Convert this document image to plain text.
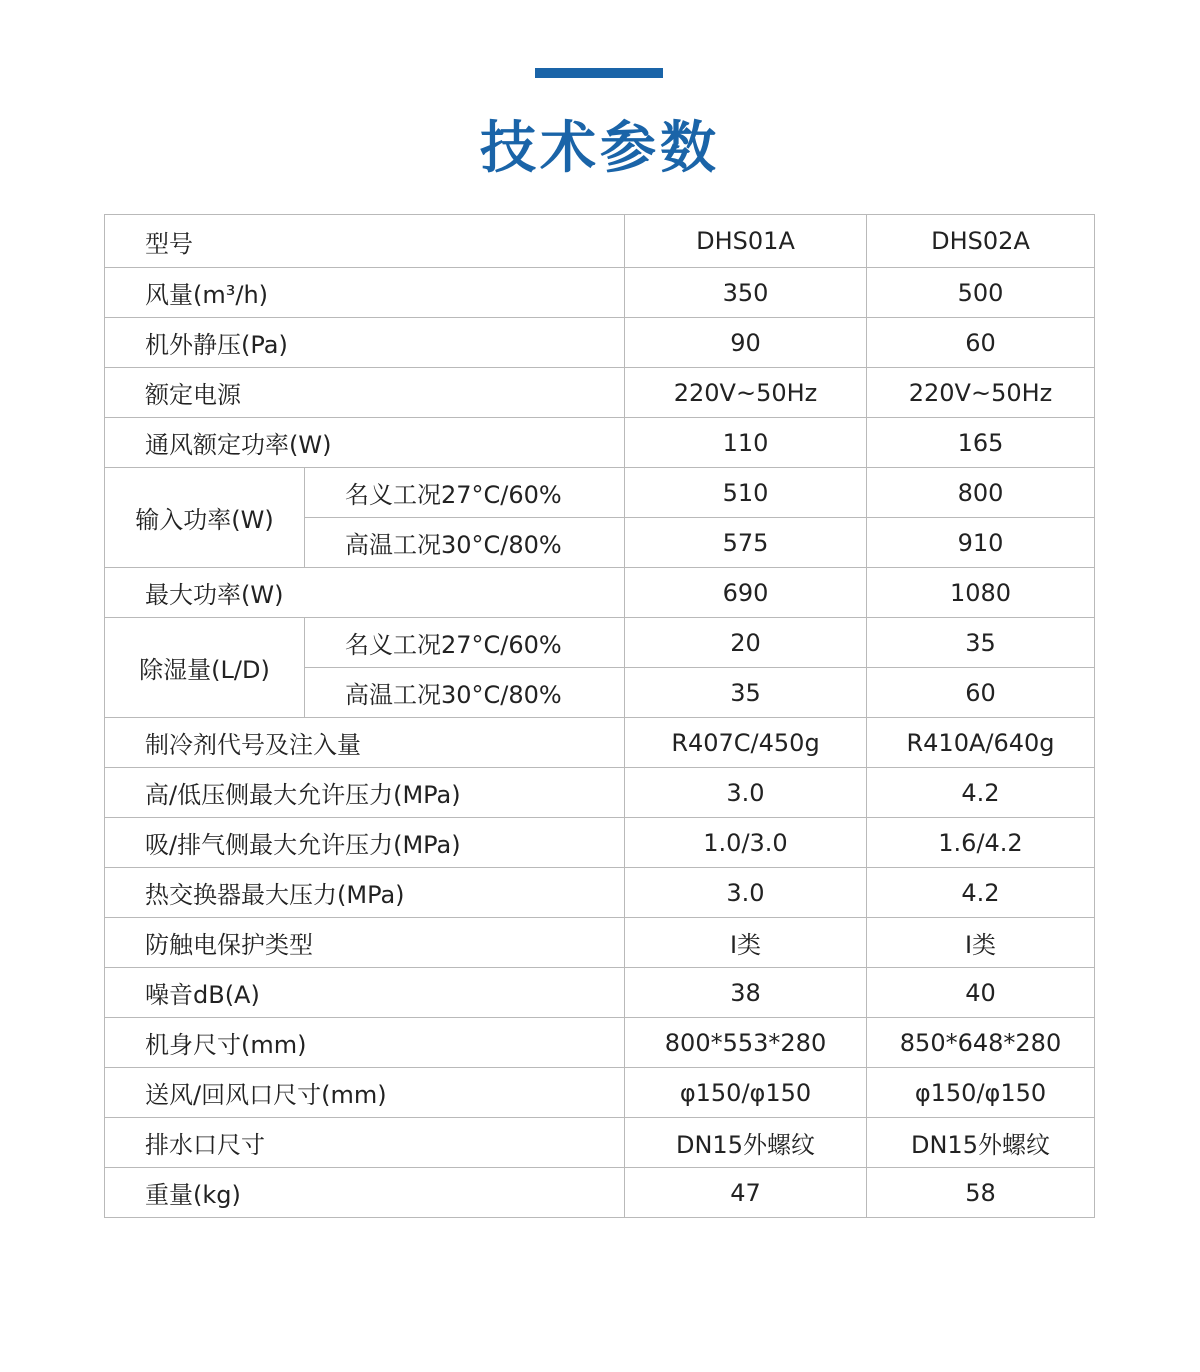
技术参数
型号		DHS01A	DHS02A
风量(m³/h)		350	500
机外静压(Pa)		90	60
额定电源		220V~50Hz	220V~50Hz
通风额定功率(W)		110	165
输入功率(W)	名义工况27°C/60%	510	800
	高温工况30°C/80%	575	910
最大功率(W)		690	1080
除湿量(L/D)	名义工况27°C/60%	20	35
	高温工况30°C/80%	35	60
制冷剂代号及注入量		R407C/450g	R410A/640g
高/低压侧最大允许压力(MPa)		3.0	4.2
吸/排气侧最大允许压力(MPa)		1.0/3.0	1.6/4.2
热交换器最大压力(MPa)		3.0	4.2
防触电保护类型		I类	I类
噪音dB(A)		38	40
机身尺寸(mm)		800*553*280	850*648*280
送风/回风口尺寸(mm)		φ150/φ150	φ150/φ150
排水口尺寸		DN15外螺纹	DN15外螺纹
重量(kg)		47	58
